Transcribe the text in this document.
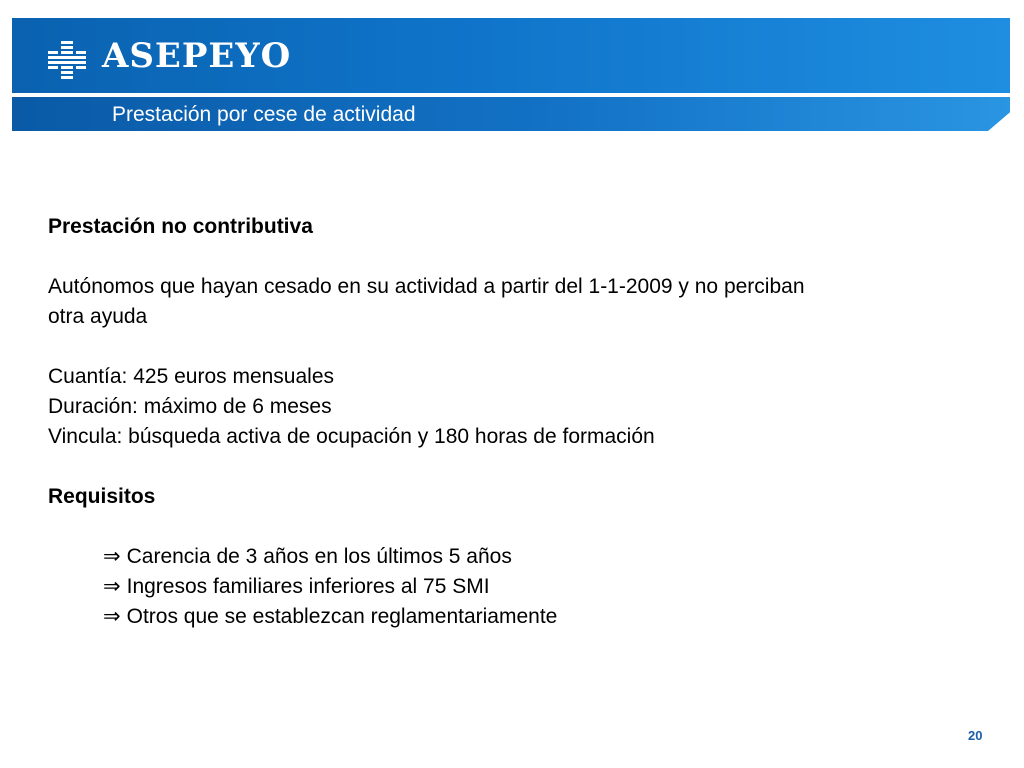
ASEPEYO
Prestación por cese de actividad

Prestación no contributiva

Autónomos que hayan cesado en su actividad a partir del 1-1-2009 y no perciban

otra ayuda

Cuantía: 425 euros mensuales

Duración: máximo de 6 meses

Vincula: búsqueda activa de ocupación y 180 horas de formación

Requisitos

⇒ Carencia de 3 años en los últimos 5 años

⇒ Ingresos familiares inferiores al 75 SMI

⇒ Otros que se establezcan reglamentariamente

20
